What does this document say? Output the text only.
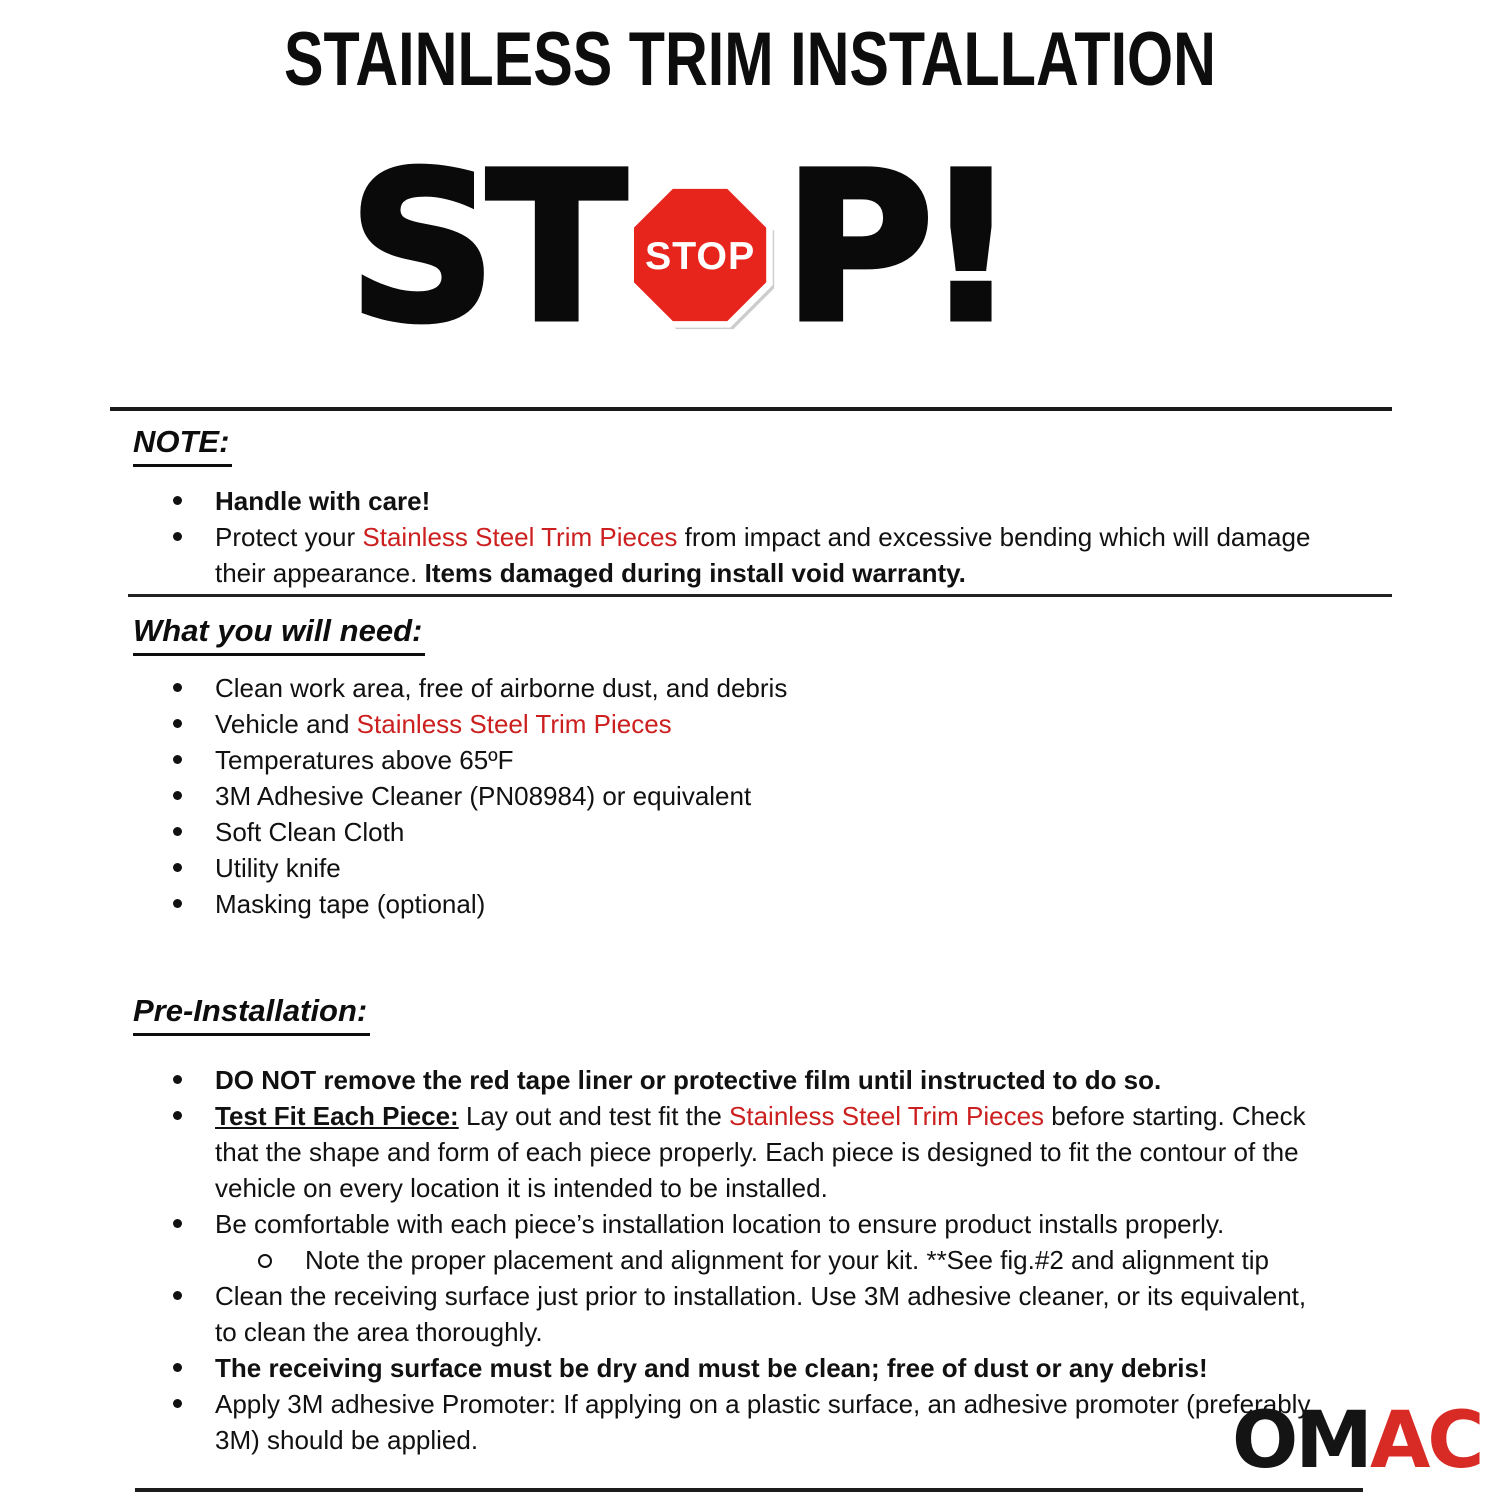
STAINLESS TRIM INSTALLATION
ST STOP P!
NOTE:
Handle with care!
Protect your Stainless Steel Trim Pieces from impact and excessive bending which will damage their appearance. Items damaged during install void warranty.
What you will need:
Clean work area, free of airborne dust, and debris
Vehicle and Stainless Steel Trim Pieces
Temperatures above 65ºF
3M Adhesive Cleaner (PN08984) or equivalent
Soft Clean Cloth
Utility knife
Masking tape (optional)
Pre-Installation:
DO NOT remove the red tape liner or protective film until instructed to do so.
Test Fit Each Piece: Lay out and test fit the Stainless Steel Trim Pieces before starting. Check that the shape and form of each piece properly. Each piece is designed to fit the contour of the vehicle on every location it is intended to be installed.
Be comfortable with each piece’s installation location to ensure product installs properly.
Note the proper placement and alignment for your kit. **See fig.#2 and alignment tip
Clean the receiving surface just prior to installation. Use 3M adhesive cleaner, or its equivalent, to clean the area thoroughly.
The receiving surface must be dry and must be clean; free of dust or any debris!
Apply 3M adhesive Promoter: If applying on a plastic surface, an adhesive promoter (preferably 3M) should be applied.	OMAC
